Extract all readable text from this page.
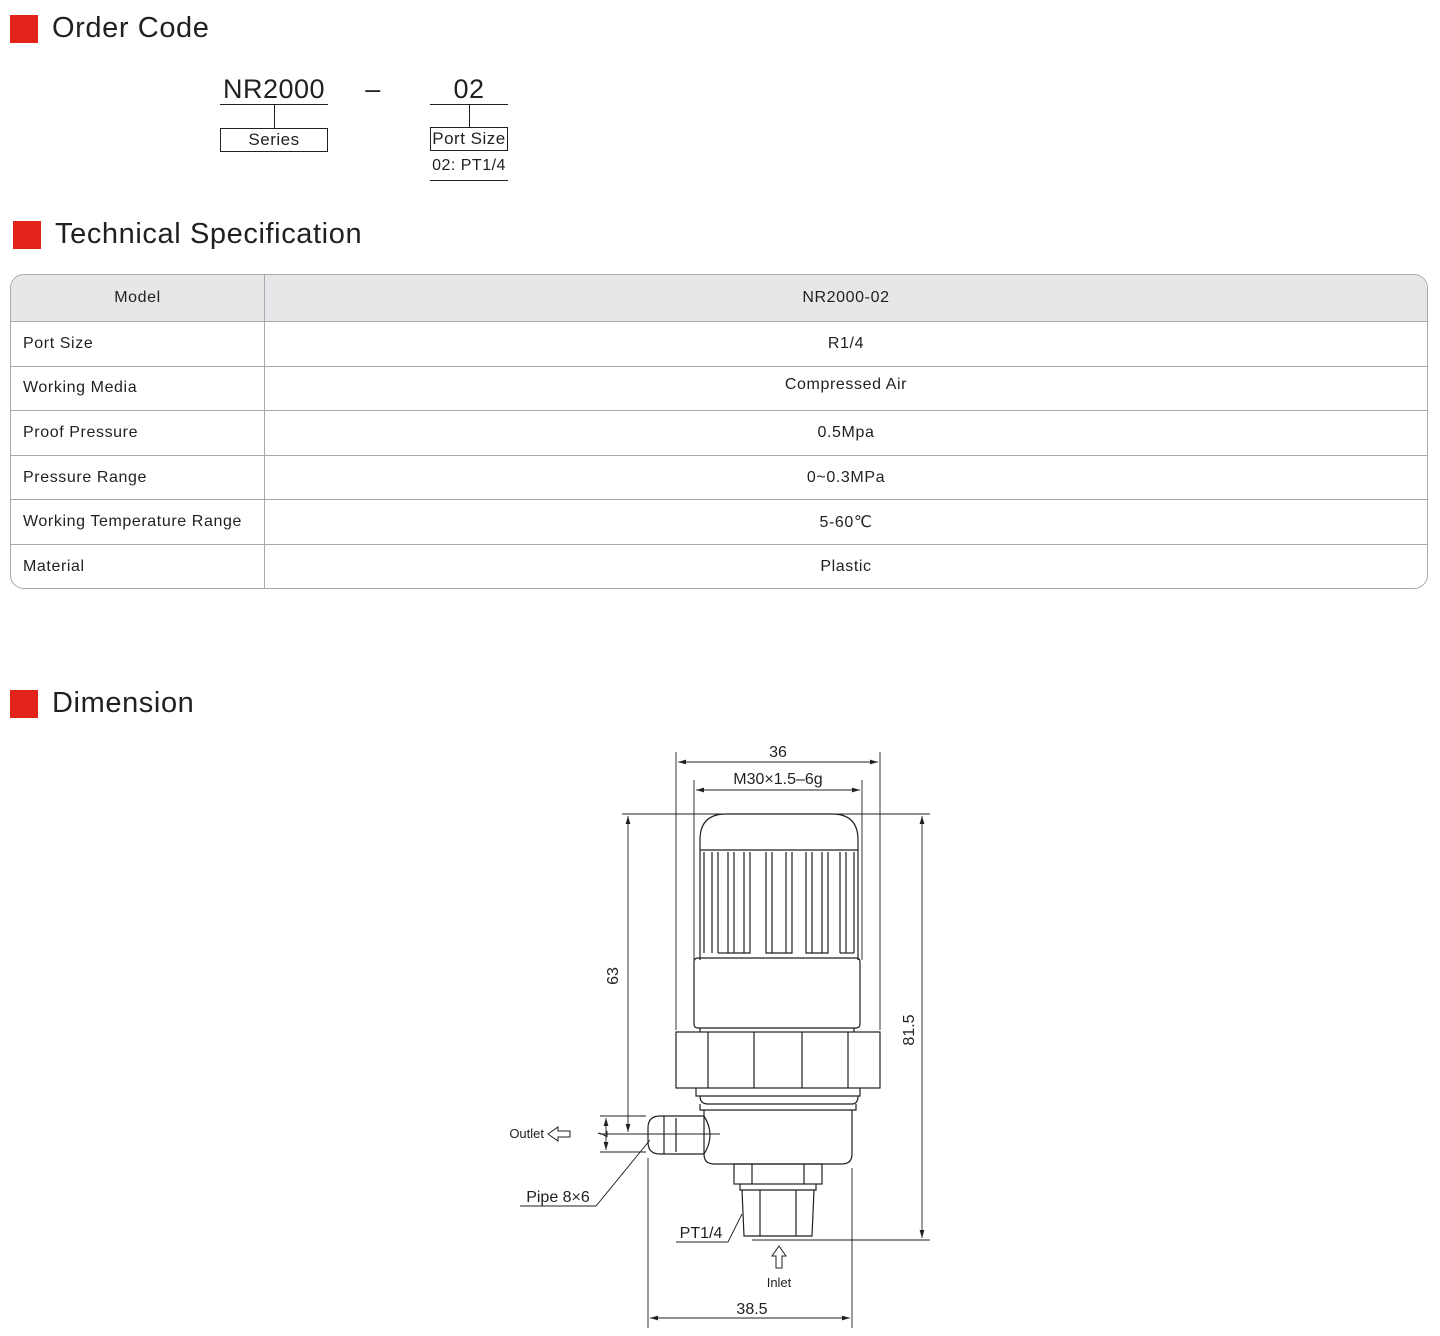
Order Code
NR2000
Series
–	02
Port Size
02: PT1/4
Technical Specification
Model	NR2000-02
Port Size	R1/4
Working Media	Compressed Air
Proof Pressure	0.5Mpa
Pressure Range	0~0.3MPa
Working Temperature Range	5-60℃
Material	Plastic
Dimension
36
M30×1.5–6g
63
81.5
7
Outlet
Pipe 8×6
PT1/4
Inlet
38.5
